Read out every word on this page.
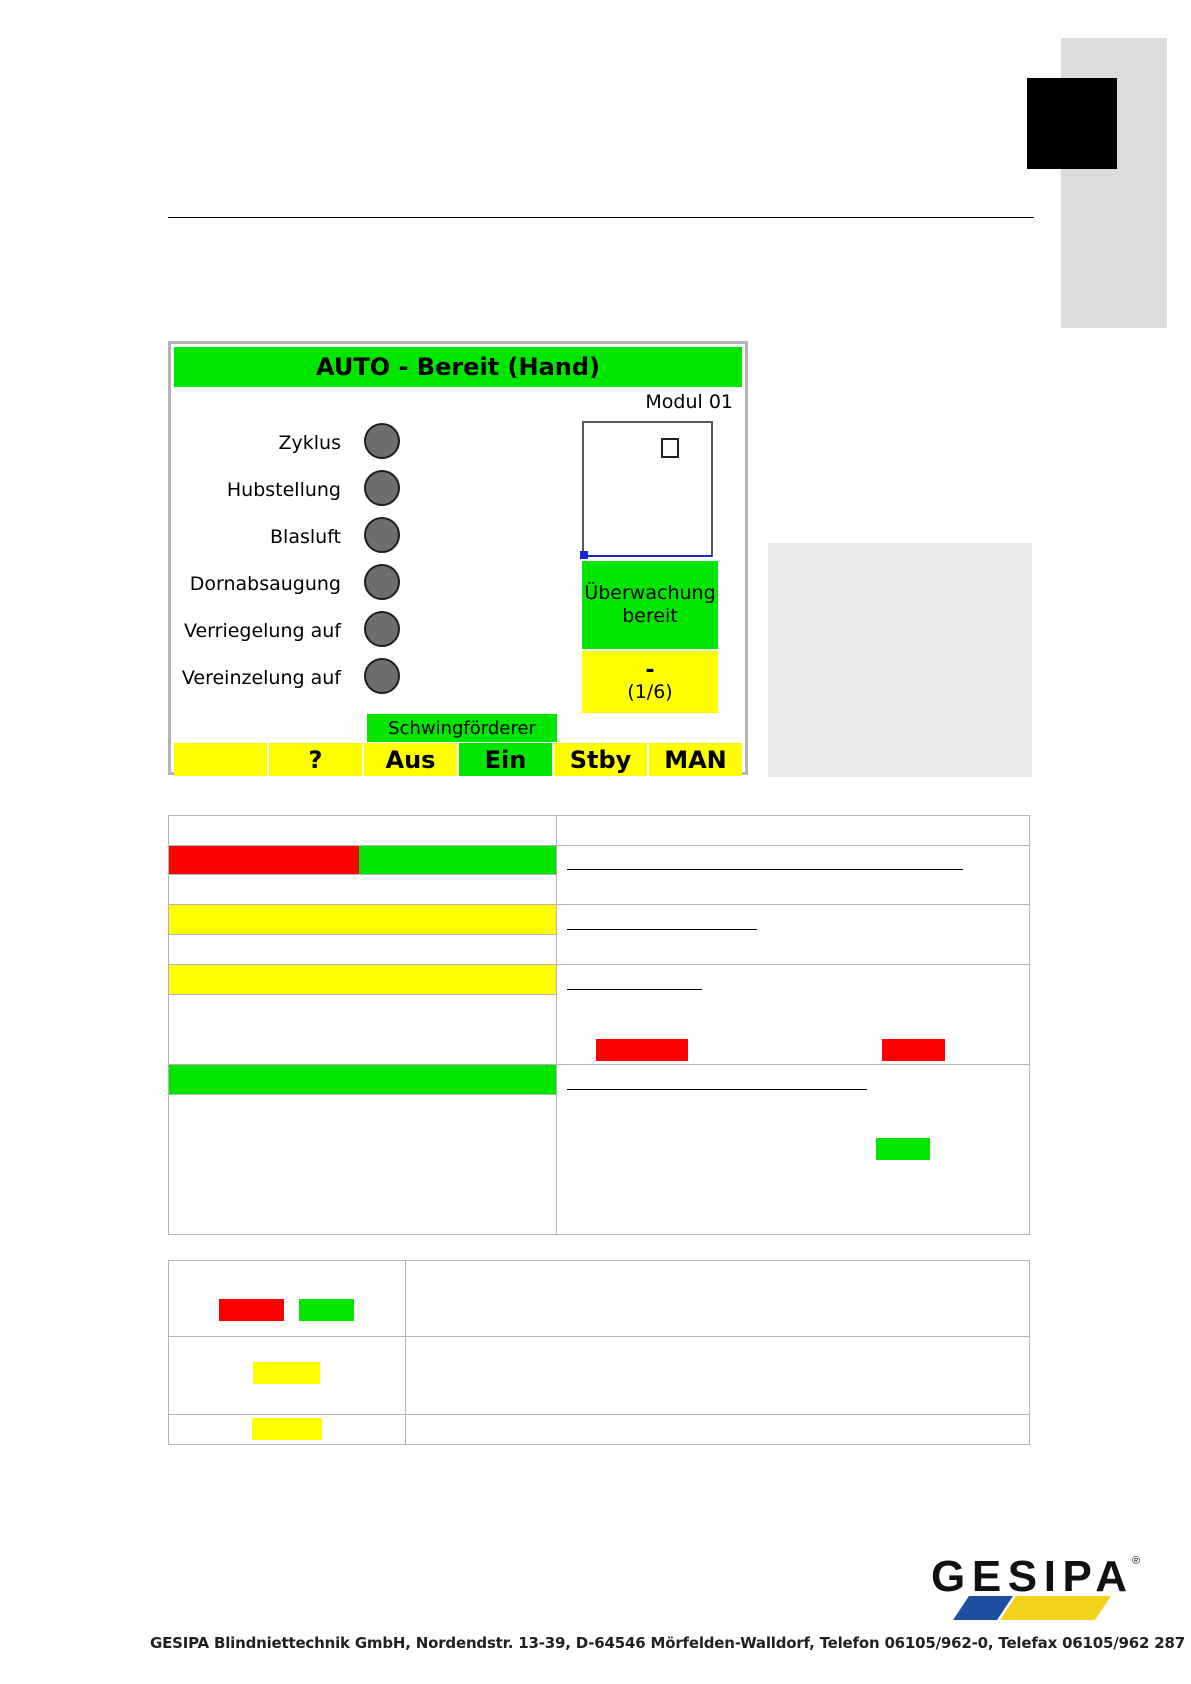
AUTO - Bereit (Hand)
Modul 01
Zyklus
Hubstellung
Blasluft
Dornabsaugung
Verriegelung auf
Vereinzelung auf
Überwachung
bereit
-
(1/6)
Schwingförderer
?	Aus	Ein	Stby	MAN
GESIPA ®
GESIPA Blindniettechnik GmbH, Nordendstr. 13-39, D-64546 Mörfelden-Walldorf, Telefon 06105/962-0, Telefax 06105/962 287
